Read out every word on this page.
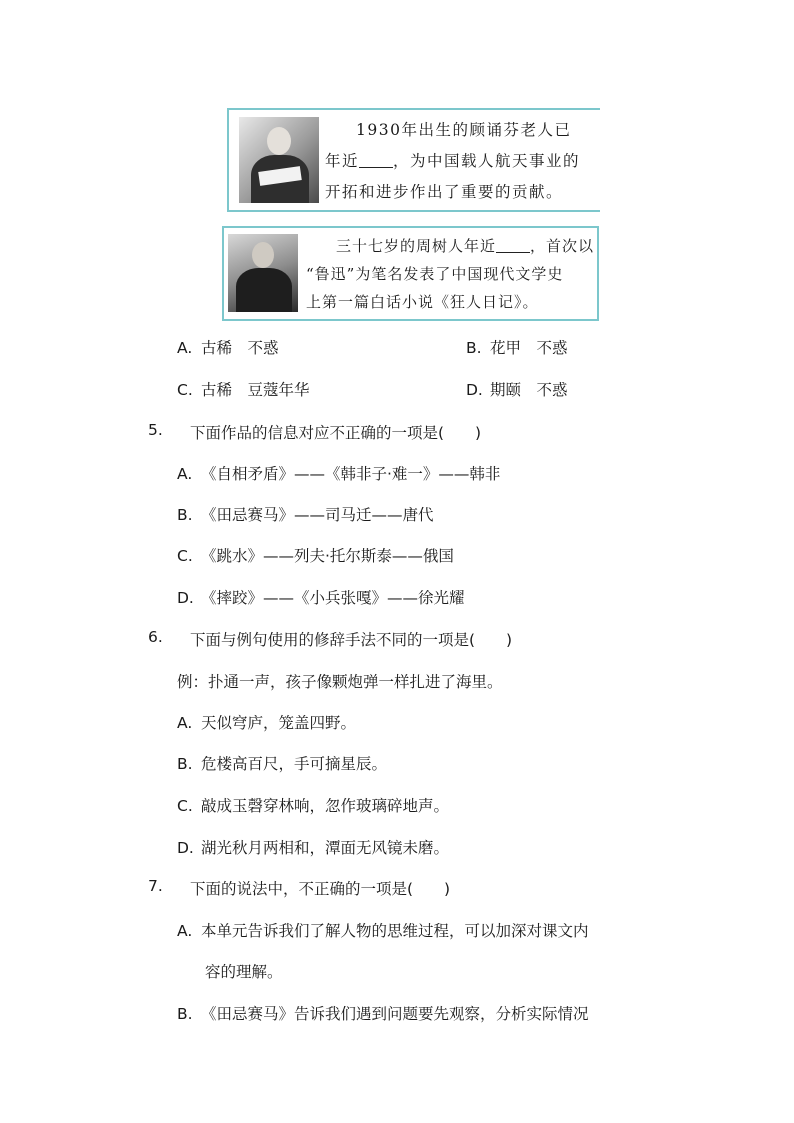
1930年出生的顾诵芬老人已
年近 ，为中国载人航天事业的
开拓和进步作出了重要的贡献。
三十七岁的周树人年近 ，首次以
“鲁迅”为笔名发表了中国现代文学史
上第一篇白话小说《狂人日记》。
A. 古稀　不惑	B. 花甲　不惑
C. 古稀　豆蔻年华	D. 期颐　不惑
5. 下面作品的信息对应不正确的一项是(　　)
A. 《自相矛盾》——《韩非子·难一》——韩非
B. 《田忌赛马》——司马迁——唐代
C. 《跳水》——列夫·托尔斯泰——俄国
D. 《摔跤》——《小兵张嘎》——徐光耀
6. 下面与例句使用的修辞手法不同的一项是(　　)
例：扑通一声，孩子像颗炮弹一样扎进了海里。
A. 天似穹庐，笼盖四野。
B. 危楼高百尺，手可摘星辰。
C. 敲成玉磬穿林响，忽作玻璃碎地声。
D. 湖光秋月两相和，潭面无风镜未磨。
7. 下面的说法中，不正确的一项是(　　)
A. 本单元告诉我们了解人物的思维过程，可以加深对课文内
容的理解。
B. 《田忌赛马》告诉我们遇到问题要先观察，分析实际情况
